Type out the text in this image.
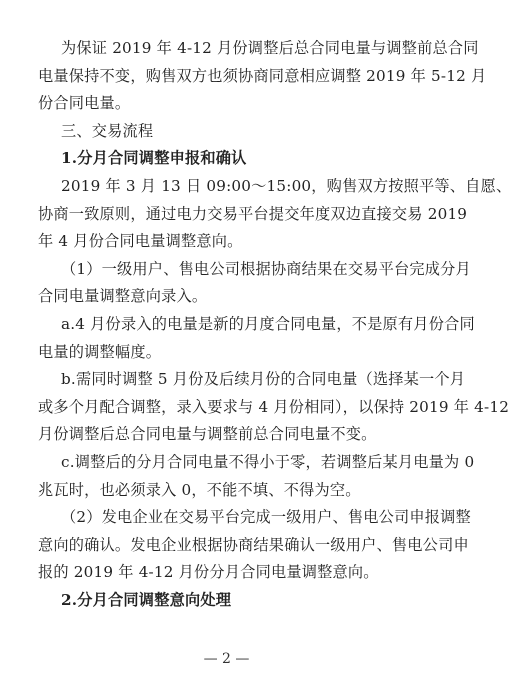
为保证 2019 年 4-12 月份调整后总合同电量与调整前总合同
电量保持不变，购售双方也须协商同意相应调整 2019 年 5-12 月
份合同电量。
三、交易流程
1.分月合同调整申报和确认
2019 年 3 月 13 日 09:00～15:00，购售双方按照平等、自愿、
协商一致原则，通过电力交易平台提交年度双边直接交易 2019
年 4 月份合同电量调整意向。
（1）一级用户、售电公司根据协商结果在交易平台完成分月
合同电量调整意向录入。
a.4 月份录入的电量是新的月度合同电量，不是原有月份合同
电量的调整幅度。
b.需同时调整 5 月份及后续月份的合同电量（选择某一个月
或多个月配合调整，录入要求与 4 月份相同），以保持 2019 年 4-12
月份调整后总合同电量与调整前总合同电量不变。
c.调整后的分月合同电量不得小于零，若调整后某月电量为 0
兆瓦时，也必须录入 0，不能不填、不得为空。
（2）发电企业在交易平台完成一级用户、售电公司申报调整
意向的确认。发电企业根据协商结果确认一级用户、售电公司申
报的 2019 年 4-12 月份分月合同电量调整意向。
2.分月合同调整意向处理
— 2 —
